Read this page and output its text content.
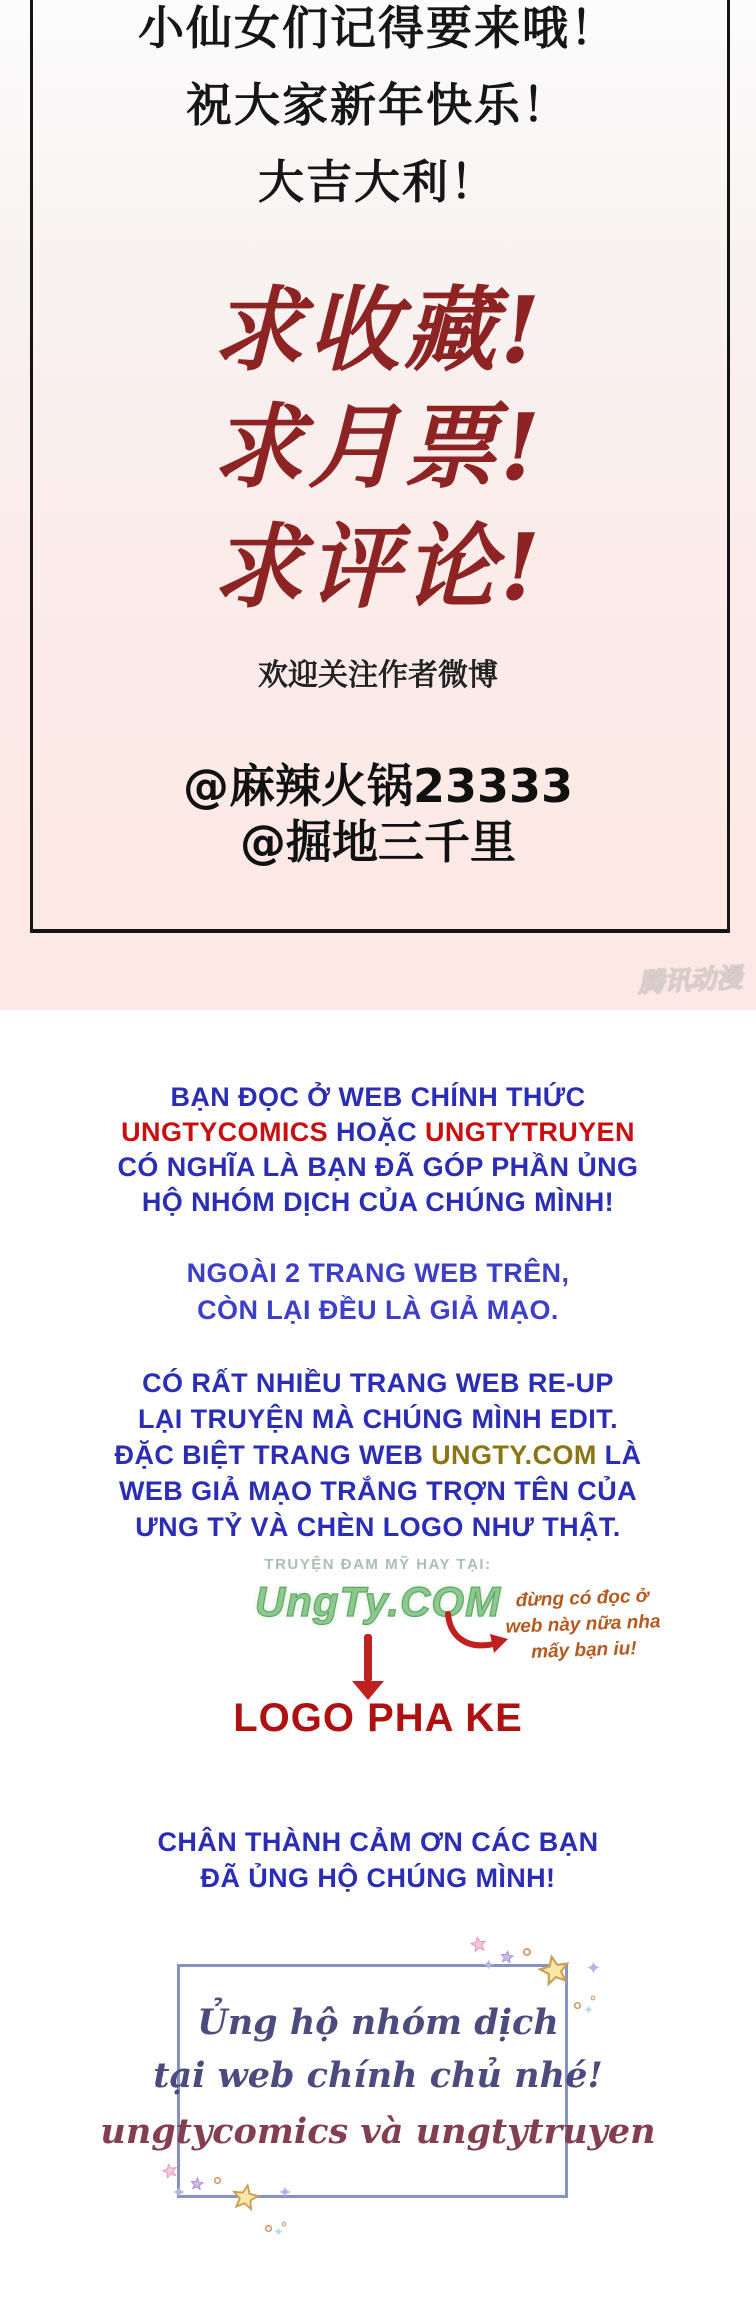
小仙女们记得要来哦！
祝大家新年快乐！
大吉大利！
求收藏!
求月票!
求评论!
欢迎关注作者微博
@麻辣火锅23333
@掘地三千里
腾讯动漫
BẠN ĐỌC Ở WEB CHÍNH THỨC
UNGTYCOMICS HOẶC UNGTYTRUYEN
CÓ NGHĨA LÀ BẠN ĐÃ GÓP PHẦN ỦNG
HỘ NHÓM DỊCH CỦA CHÚNG MÌNH!
NGOÀI 2 TRANG WEB TRÊN,
CÒN LẠI ĐỀU LÀ GIẢ MẠO.
CÓ RẤT NHIỀU TRANG WEB RE-UP
LẠI TRUYỆN MÀ CHÚNG MÌNH EDIT.
ĐẶC BIỆT TRANG WEB UNGTY.COM LÀ
WEB GIẢ MẠO TRẮNG TRỢN TÊN CỦA
ƯNG TỶ VÀ CHÈN LOGO NHƯ THẬT.
TRUYỆN ĐAM MỸ HAY TẠI:
UngTy.COM đừng có đọc ở
web này nữa nha
mấy bạn iu!
LOGO PHA KE
CHÂN THÀNH CẢM ƠN CÁC BẠN
ĐÃ ỦNG HỘ CHÚNG MÌNH!
Ủng hộ nhóm dịch
tại web chính chủ nhé!
ungtycomics và ungtytruyen
